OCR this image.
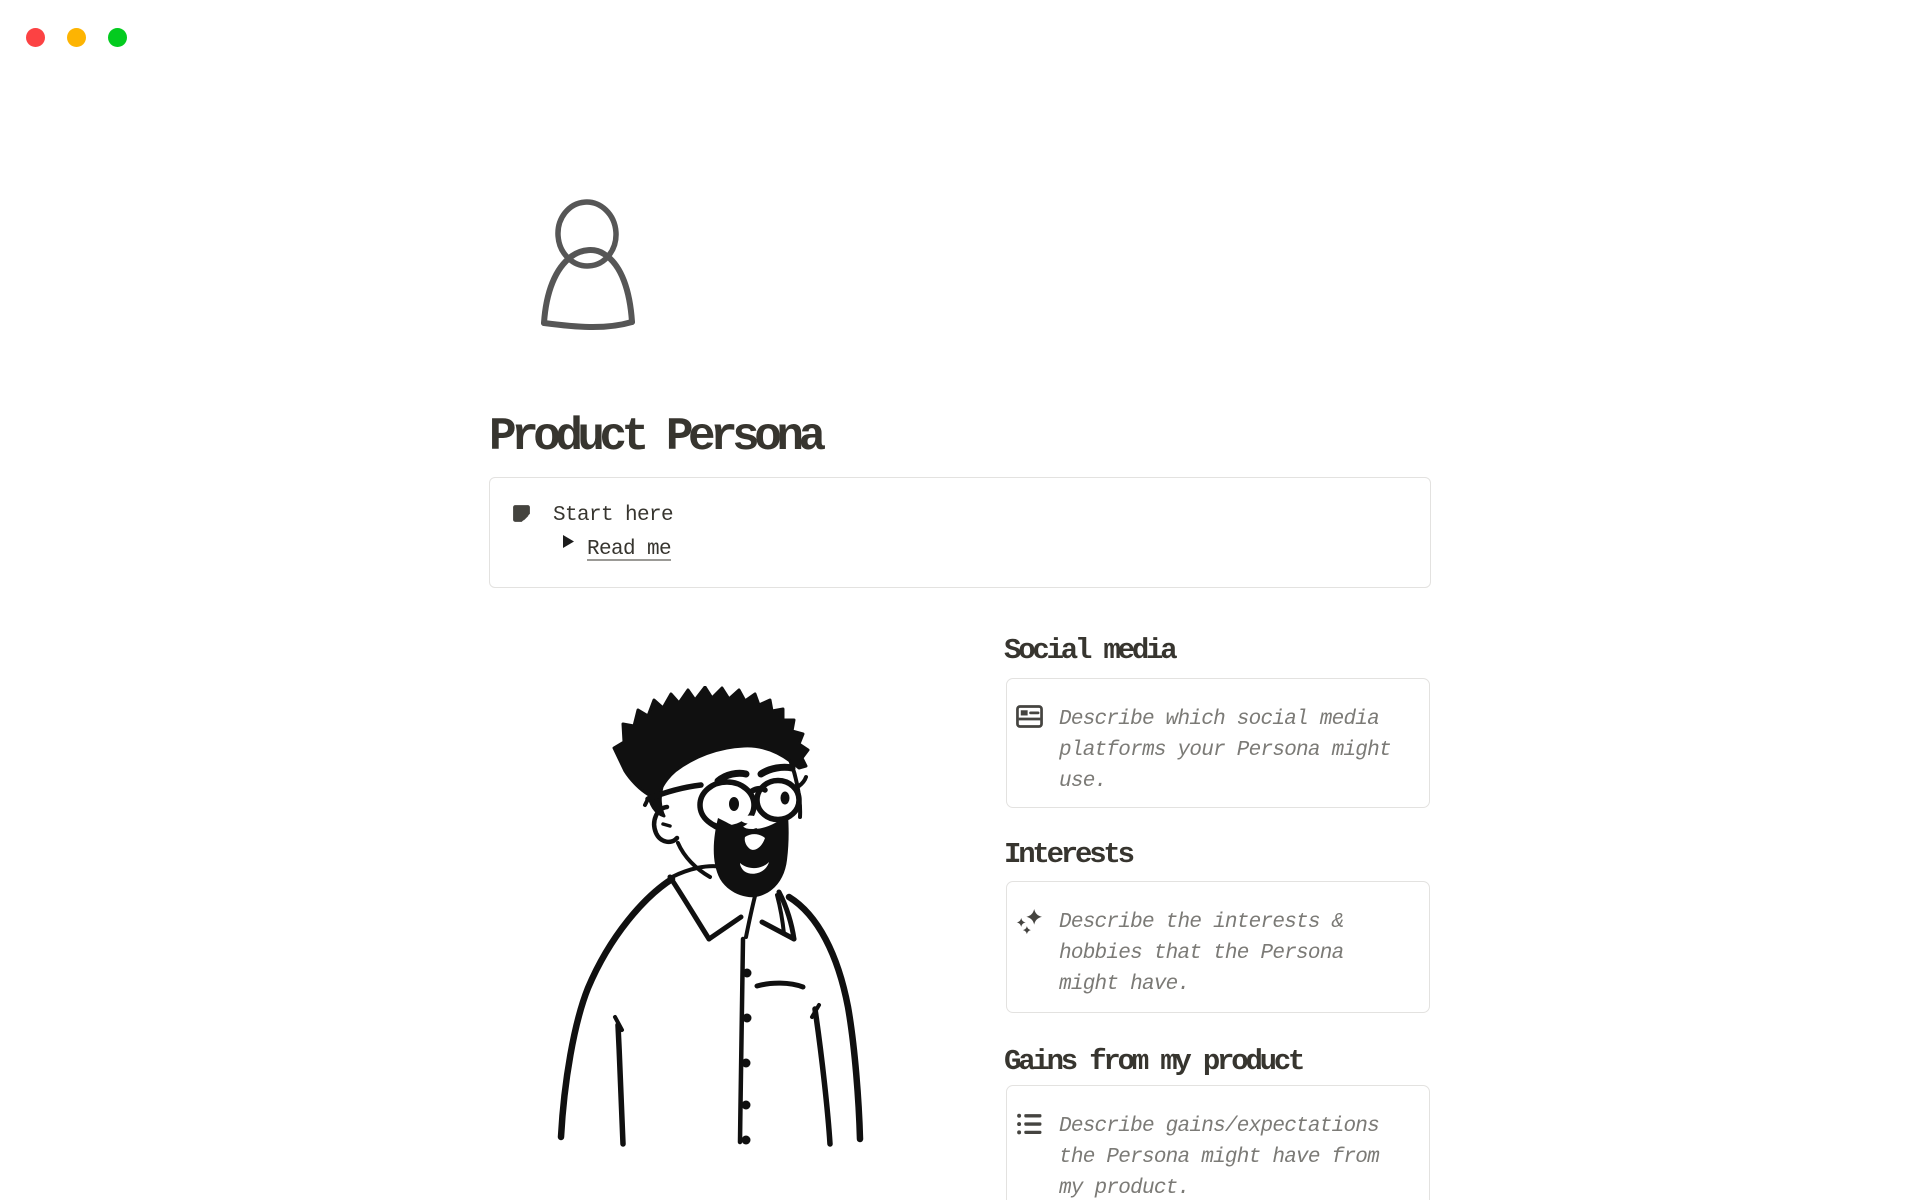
Product Persona
Start here
Read me
Social media
Describe which social media platforms your Persona might use.
Interests
Describe the interests & hobbies that the Persona might have.
Gains from my product
Describe gains/expectations the Persona might have from my product.
